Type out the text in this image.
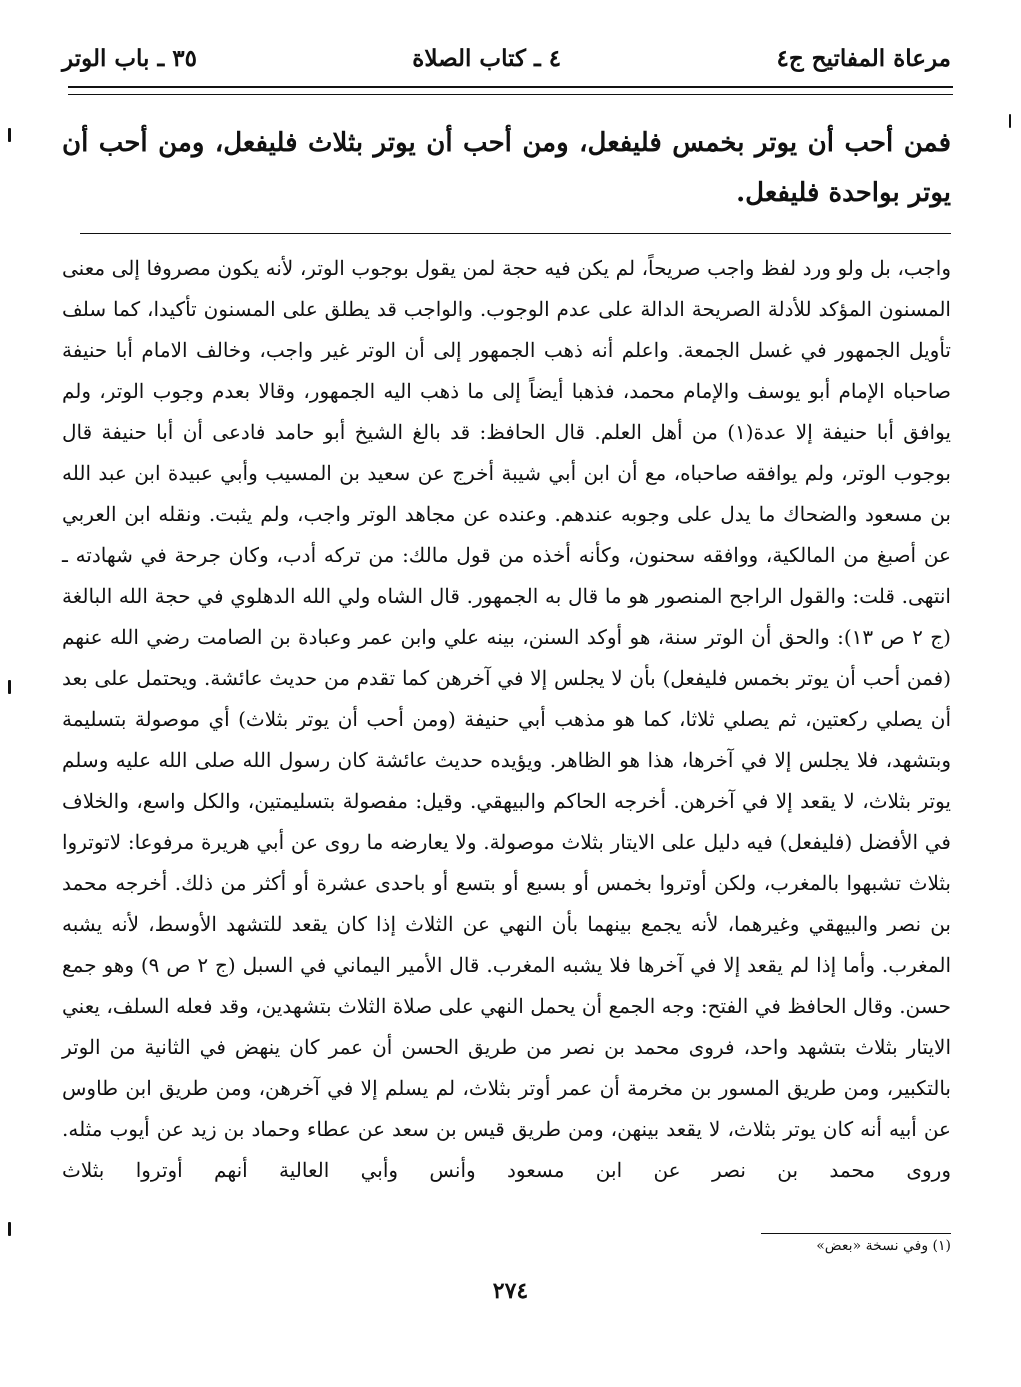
مرعاة المفاتيح ج٤
٤ ـ كتاب الصلاة
٣٥ ـ باب الوتر

فمن أحب أن يوتر بخمس فليفعل، ومن أحب أن يوتر بثلاث فليفعل، ومن أحب أن يوتر بواحدة فليفعل.

واجب، بل ولو ورد لفظ واجب صريحاً، لم يكن فيه حجة لمن يقول بوجوب الوتر، لأنه يكون مصروفا إلى معنى المسنون المؤكد للأدلة الصريحة الدالة على عدم الوجوب. والواجب قد يطلق على المسنون تأكيدا، كما سلف تأويل الجمهور في غسل الجمعة. واعلم أنه ذهب الجمهور إلى أن الوتر غير واجب، وخالف الامام أبا حنيفة صاحباه الإمام أبو يوسف والإمام محمد، فذهبا أيضاً إلى ما ذهب اليه الجمهور، وقالا بعدم وجوب الوتر، ولم يوافق أبا حنيفة إلا عدة(١) من أهل العلم. قال الحافظ: قد بالغ الشيخ أبو حامد فادعى أن أبا حنيفة قال بوجوب الوتر، ولم يوافقه صاحباه، مع أن ابن أبي شيبة أخرج عن سعيد بن المسيب وأبي عبيدة ابن عبد الله بن مسعود والضحاك ما يدل على وجوبه عندهم. وعنده عن مجاهد الوتر واجب، ولم يثبت. ونقله ابن العربي عن أصبغ من المالكية، ووافقه سحنون، وكأنه أخذه من قول مالك: من تركه أدب، وكان جرحة في شهادته ـ انتهى. قلت: والقول الراجح المنصور هو ما قال به الجمهور. قال الشاه ولي الله الدهلوي في حجة الله البالغة (ج ٢ ص ١٣): والحق أن الوتر سنة، هو أوكد السنن، بينه علي وابن عمر وعبادة بن الصامت رضي الله عنهم (فمن أحب أن يوتر بخمس فليفعل) بأن لا يجلس إلا في آخرهن كما تقدم من حديث عائشة. ويحتمل على بعد أن يصلي ركعتين، ثم يصلي ثلاثا، كما هو مذهب أبي حنيفة (ومن أحب أن يوتر بثلاث) أي موصولة بتسليمة وبتشهد، فلا يجلس إلا في آخرها، هذا هو الظاهر. ويؤيده حديث عائشة كان رسول الله صلى الله عليه وسلم يوتر بثلاث، لا يقعد إلا في آخرهن. أخرجه الحاكم والبيهقي. وقيل: مفصولة بتسليمتين، والكل واسع، والخلاف في الأفضل (فليفعل) فيه دليل على الايتار بثلاث موصولة. ولا يعارضه ما روى عن أبي هريرة مرفوعا: لاتوتروا بثلاث تشبهوا بالمغرب، ولكن أوتروا بخمس أو بسبع أو بتسع أو باحدى عشرة أو أكثر من ذلك. أخرجه محمد بن نصر والبيهقي وغيرهما، لأنه يجمع بينهما بأن النهي عن الثلاث إذا كان يقعد للتشهد الأوسط، لأنه يشبه المغرب. وأما إذا لم يقعد إلا في آخرها فلا يشبه المغرب. قال الأمير اليماني في السبل (ج ٢ ص ٩) وهو جمع حسن. وقال الحافظ في الفتح: وجه الجمع أن يحمل النهي على صلاة الثلاث بتشهدين، وقد فعله السلف، يعني الايتار بثلاث بتشهد واحد، فروى محمد بن نصر من طريق الحسن أن عمر كان ينهض في الثانية من الوتر بالتكبير، ومن طريق المسور بن مخرمة أن عمر أوتر بثلاث، لم يسلم إلا في آخرهن، ومن طريق ابن طاوس عن أبيه أنه كان يوتر بثلاث، لا يقعد بينهن، ومن طريق قيس بن سعد عن عطاء وحماد بن زيد عن أيوب مثله. وروى محمد بن نصر عن ابن مسعود وأنس وأبي العالية أنهم أوتروا بثلاث

(١) وفي نسخة «بعض»

٢٧٤
